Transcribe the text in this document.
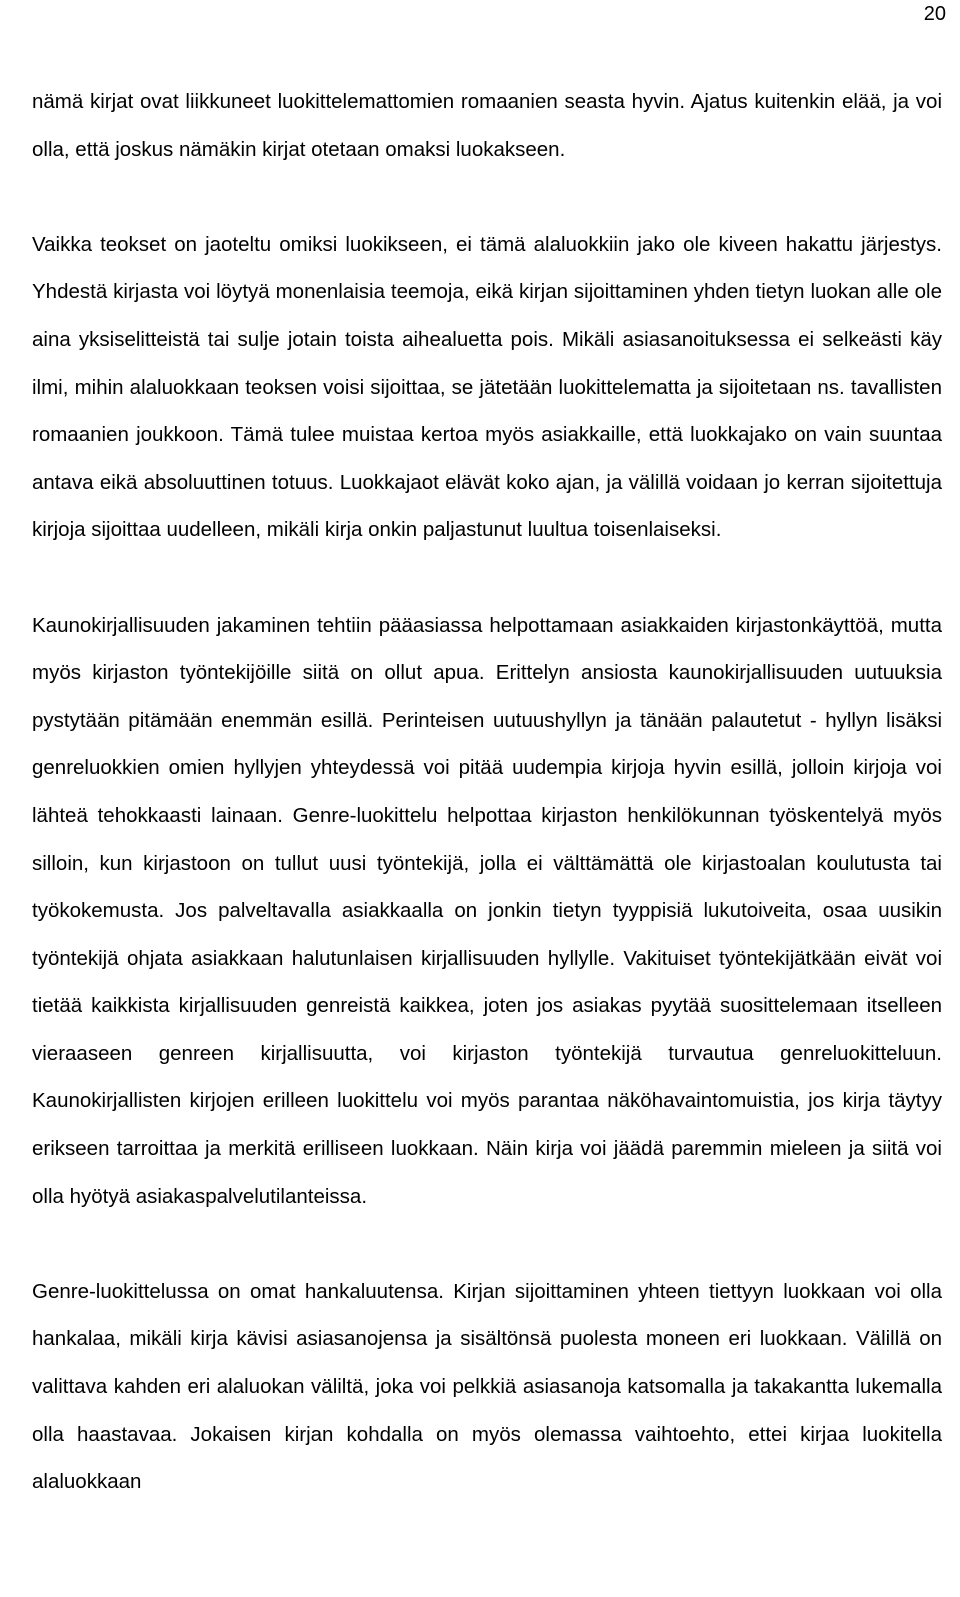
20

nämä kirjat ovat liikkuneet luokittelemattomien romaanien seasta hyvin. Ajatus kuitenkin elää, ja voi olla, että joskus nämäkin kirjat otetaan omaksi luokakseen.

Vaikka teokset on jaoteltu omiksi luokikseen, ei tämä alaluokkiin jako ole kiveen hakattu järjestys. Yhdestä kirjasta voi löytyä monenlaisia teemoja, eikä kirjan sijoittaminen yhden tietyn luokan alle ole aina yksiselitteistä tai sulje jotain toista aihealuetta pois. Mikäli asiasanoituksessa ei selkeästi käy ilmi, mihin alaluokkaan teoksen voisi sijoittaa, se jätetään luokittelematta ja sijoitetaan ns. tavallisten romaanien joukkoon. Tämä tulee muistaa kertoa myös asiakkaille, että luokkajako on vain suuntaa antava eikä absoluuttinen totuus. Luokkajaot elävät koko ajan, ja välillä voidaan jo kerran sijoitettuja kirjoja sijoittaa uudelleen, mikäli kirja onkin paljastunut luultua toisenlaiseksi.

Kaunokirjallisuuden jakaminen tehtiin pääasiassa helpottamaan asiakkaiden kirjastonkäyttöä, mutta myös kirjaston työntekijöille siitä on ollut apua. Erittelyn ansiosta kaunokirjallisuuden uutuuksia pystytään pitämään enemmän esillä. Perinteisen uutuushyllyn ja tänään palautetut - hyllyn lisäksi genreluokkien omien hyllyjen yhteydessä voi pitää uudempia kirjoja hyvin esillä, jolloin kirjoja voi lähteä tehokkaasti lainaan. Genre-luokittelu helpottaa kirjaston henkilökunnan työskentelyä myös silloin, kun kirjastoon on tullut uusi työntekijä, jolla ei välttämättä ole kirjastoalan koulutusta tai työkokemusta. Jos palveltavalla asiakkaalla on jonkin tietyn tyyppisiä lukutoiveita, osaa uusikin työntekijä ohjata asiakkaan halutunlaisen kirjallisuuden hyllylle. Vakituiset työntekijätkään eivät voi tietää kaikkista kirjallisuuden genreistä kaikkea, joten jos asiakas pyytää suosittelemaan itselleen vieraaseen genreen kirjallisuutta, voi kirjaston työntekijä turvautua genreluokitteluun. Kaunokirjallisten kirjojen erilleen luokittelu voi myös parantaa näköhavaintomuistia, jos kirja täytyy erikseen tarroittaa ja merkitä erilliseen luokkaan. Näin kirja voi jäädä paremmin mieleen ja siitä voi olla hyötyä asiakaspalvelutilanteissa.

Genre-luokittelussa on omat hankaluutensa. Kirjan sijoittaminen yhteen tiettyyn luokkaan voi olla hankalaa, mikäli kirja kävisi asiasanojensa ja sisältönsä puolesta moneen eri luokkaan. Välillä on valittava kahden eri alaluokan väliltä, joka voi pelkkiä asiasanoja katsomalla ja takakantta lukemalla olla haastavaa. Jokaisen kirjan kohdalla on myös olemassa vaihtoehto, ettei kirjaa luokitella alaluokkaan
